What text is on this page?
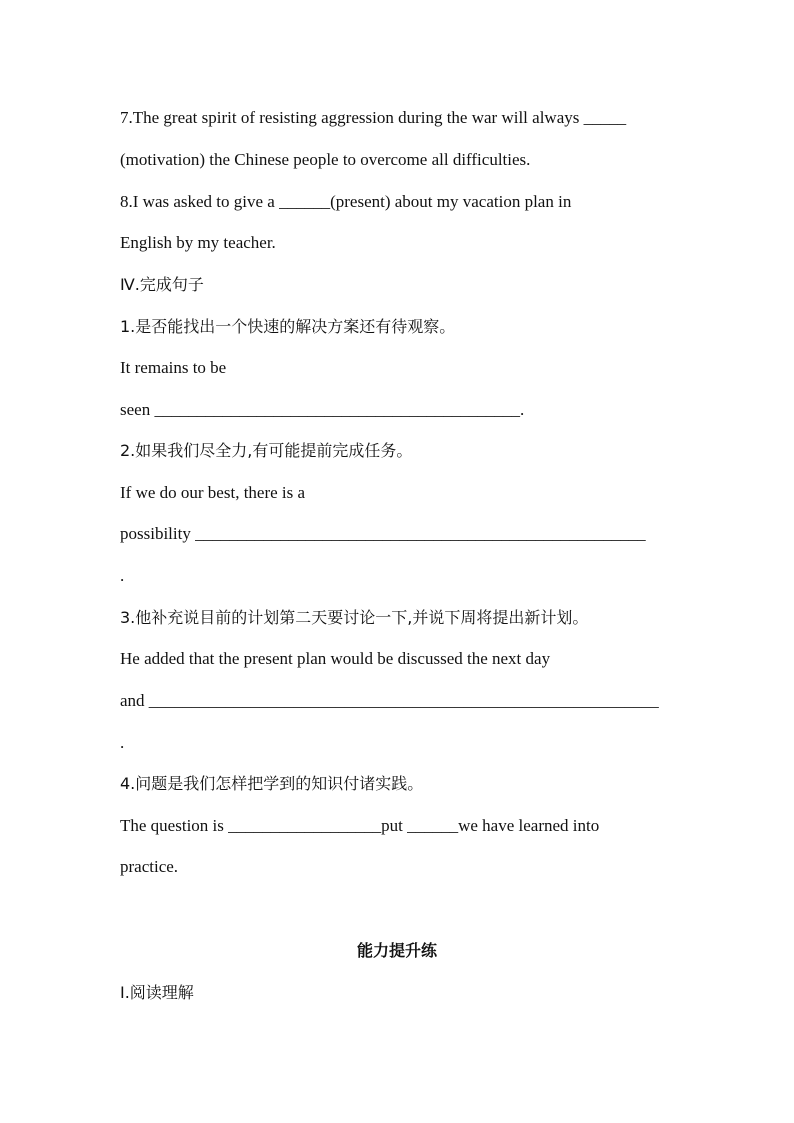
7.The great spirit of resisting aggression during the war will always _____
(motivation) the Chinese people to overcome all difficulties.
8.I was asked to give a ______(present) about my vacation plan in
English by my teacher.
Ⅳ.完成句子
1.是否能找出一个快速的解决方案还有待观察。
It remains to be
seen ___________________________________________.
2.如果我们尽全力,有可能提前完成任务。
If we do our best, there is a
possibility _____________________________________________________
.
3.他补充说目前的计划第二天要讨论一下,并说下周将提出新计划。
He added that the present plan would be discussed the next day
and ____________________________________________________________
.
4.问题是我们怎样把学到的知识付诸实践。
The question is __________________put ______we have learned into
practice.
能力提升练
Ⅰ.阅读理解
